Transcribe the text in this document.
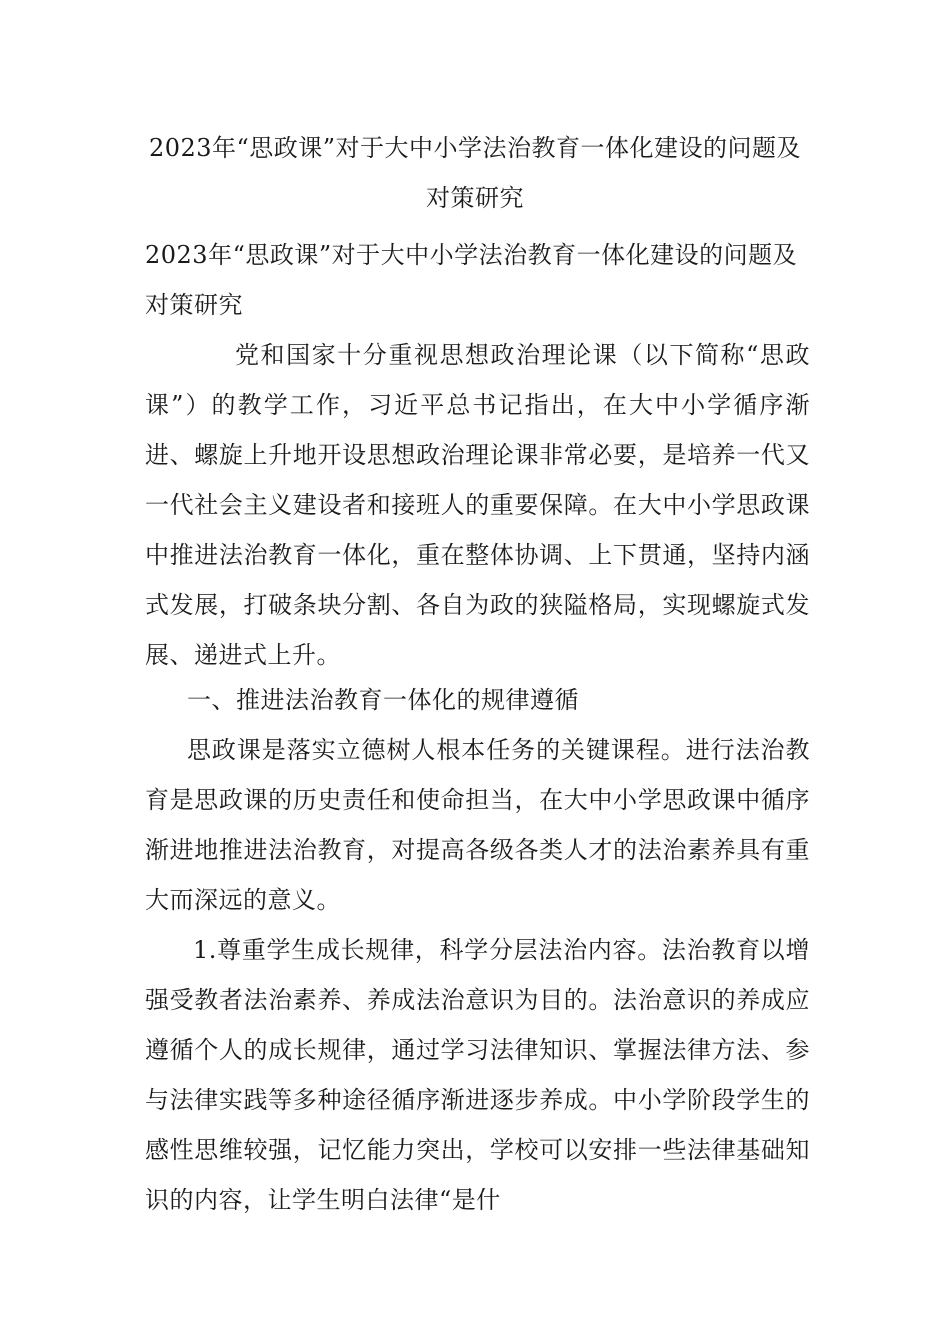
2023年“思政课”对于大中小学法治教育一体化建设的问题及对策研究
2023年“思政课”对于大中小学法治教育一体化建设的问题及对策研究
党和国家十分重视思想政治理论课（以下简称“思政课”）的教学工作，习近平总书记指出，在大中小学循序渐进、螺旋上升地开设思想政治理论课非常必要，是培养一代又一代社会主义建设者和接班人的重要保障。在大中小学思政课中推进法治教育一体化，重在整体协调、上下贯通，坚持内涵式发展，打破条块分割、各自为政的狭隘格局，实现螺旋式发展、递进式上升。
一、推进法治教育一体化的规律遵循
思政课是落实立德树人根本任务的关键课程。进行法治教育是思政课的历史责任和使命担当，在大中小学思政课中循序渐进地推进法治教育，对提高各级各类人才的法治素养具有重大而深远的意义。
1.尊重学生成长规律，科学分层法治内容。法治教育以增强受教者法治素养、养成法治意识为目的。法治意识的养成应遵循个人的成长规律，通过学习法律知识、掌握法律方法、参与法律实践等多种途径循序渐进逐步养成。中小学阶段学生的感性思维较强，记忆能力突出，学校可以安排一些法律基础知识的内容，让学生明白法律“是什
